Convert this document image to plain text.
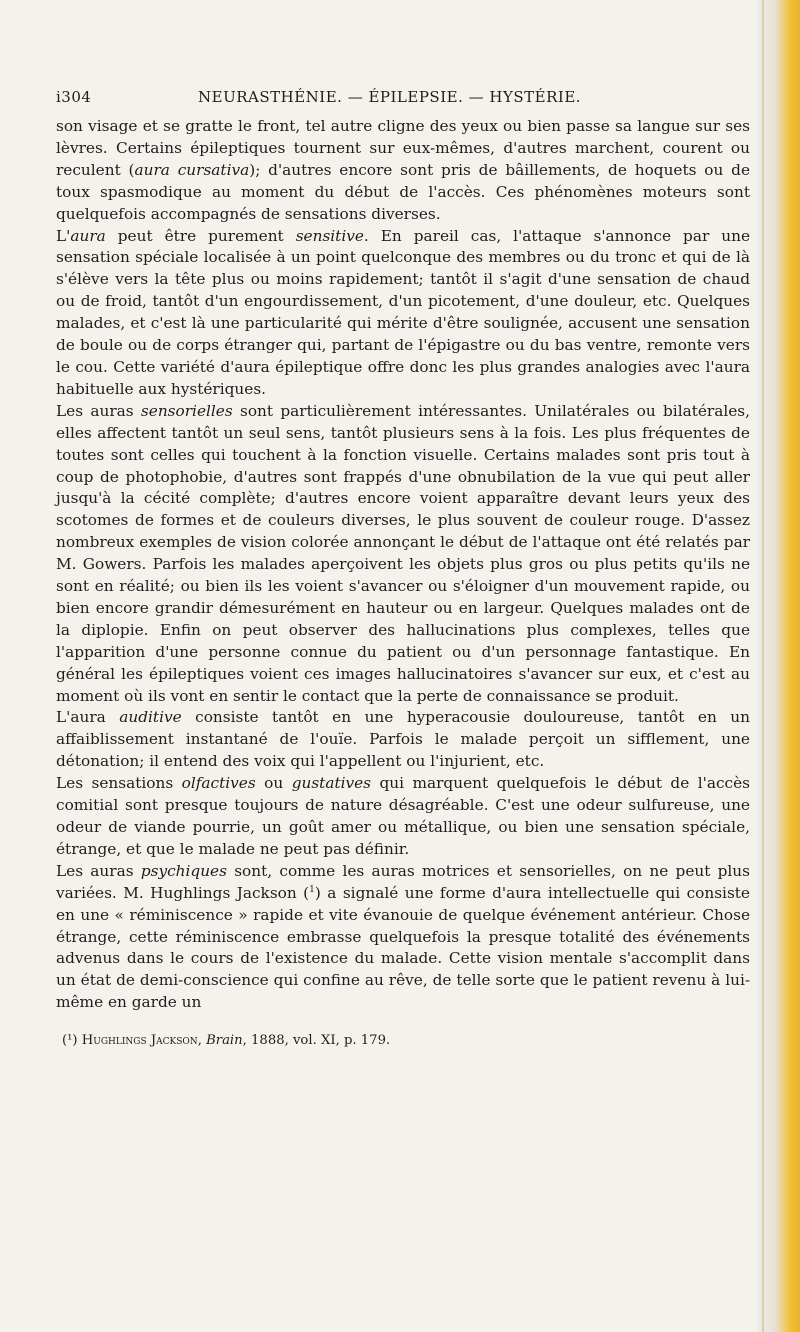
i304	NEURASTHÉNIE. — ÉPILEPSIE. — HYSTÉRIE.

son visage et se gratte le front, tel autre cligne des yeux ou bien passe sa langue sur ses lèvres. Certains épileptiques tournent sur eux-mêmes, d'autres marchent, courent ou reculent (aura cursativa); d'autres encore sont pris de bâillements, de hoquets ou de toux spasmodique au moment du début de l'accès. Ces phénomènes moteurs sont quelquefois accompagnés de sensations diverses.

L'aura peut être purement sensitive. En pareil cas, l'attaque s'annonce par une sensation spéciale localisée à un point quelconque des membres ou du tronc et qui de là s'élève vers la tête plus ou moins rapidement; tantôt il s'agit d'une sensation de chaud ou de froid, tantôt d'un engourdissement, d'un picotement, d'une douleur, etc. Quelques malades, et c'est là une particularité qui mérite d'être soulignée, accusent une sensation de boule ou de corps étranger qui, partant de l'épigastre ou du bas ventre, remonte vers le cou. Cette variété d'aura épileptique offre donc les plus grandes analogies avec l'aura habituelle aux hystériques.

Les auras sensorielles sont particulièrement intéressantes. Unilatérales ou bilatérales, elles affectent tantôt un seul sens, tantôt plusieurs sens à la fois. Les plus fréquentes de toutes sont celles qui touchent à la fonction visuelle. Certains malades sont pris tout à coup de photophobie, d'autres sont frappés d'une obnubilation de la vue qui peut aller jusqu'à la cécité complète; d'autres encore voient apparaître devant leurs yeux des scotomes de formes et de couleurs diverses, le plus souvent de couleur rouge. D'assez nombreux exemples de vision colorée annonçant le début de l'attaque ont été relatés par M. Gowers. Parfois les malades aperçoivent les objets plus gros ou plus petits qu'ils ne sont en réalité; ou bien ils les voient s'avancer ou s'éloigner d'un mouvement rapide, ou bien encore grandir démesurément en hauteur ou en largeur. Quelques malades ont de la diplopie. Enfin on peut observer des hallucinations plus complexes, telles que l'apparition d'une personne connue du patient ou d'un personnage fantastique. En général les épileptiques voient ces images hallucinatoires s'avancer sur eux, et c'est au moment où ils vont en sentir le contact que la perte de connaissance se produit.

L'aura auditive consiste tantôt en une hyperacousie douloureuse, tantôt en un affaiblissement instantané de l'ouïe. Parfois le malade perçoit un sifflement, une détonation; il entend des voix qui l'appellent ou l'injurient, etc.

Les sensations olfactives ou gustatives qui marquent quelquefois le début de l'accès comitial sont presque toujours de nature désagréable. C'est une odeur sulfureuse, une odeur de viande pourrie, un goût amer ou métallique, ou bien une sensation spéciale, étrange, et que le malade ne peut pas définir.

Les auras psychiques sont, comme les auras motrices et sensorielles, on ne peut plus variées. M. Hughlings Jackson ($^1$) a signalé une forme d'aura intellectuelle qui consiste en une « réminiscence » rapide et vite évanouie de quelque événement antérieur. Chose étrange, cette réminiscence embrasse quelquefois la presque totalité des événements advenus dans le cours de l'existence du malade. Cette vision mentale s'accomplit dans un état de demi-conscience qui confine au rêve, de telle sorte que le patient revenu à lui-même en garde un

(¹) Hughlings Jackson, Brain, 1888, vol. XI, p. 179.
